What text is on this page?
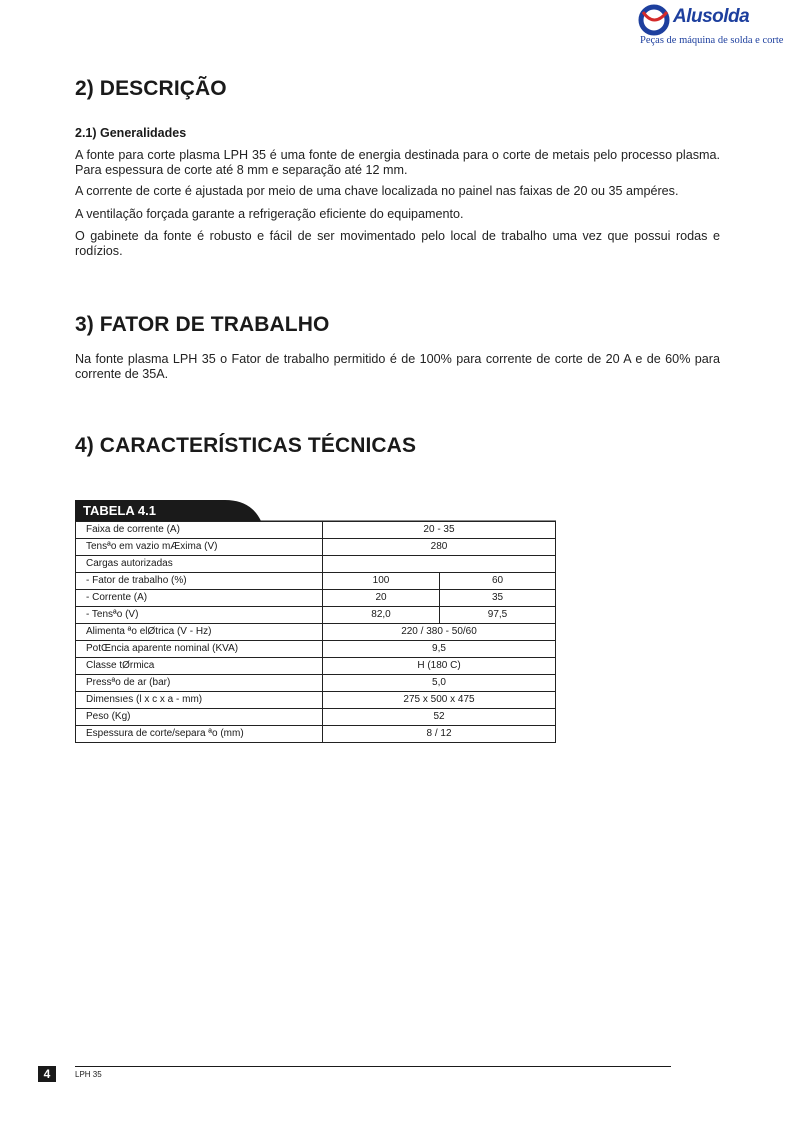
Alusolda
Peças de máquina de solda e corte
2) DESCRIÇÃO

2.1) Generalidades

A fonte para corte plasma LPH 35 é uma fonte de energia destinada para o corte de metais pelo processo plasma. Para espessura de corte até 8 mm e separação até 12 mm.

A corrente de corte é ajustada por meio de uma chave localizada no painel nas faixas de 20 ou 35 ampéres.

A ventilação forçada garante a refrigeração eficiente do equipamento.

O gabinete da fonte é robusto e fácil de ser movimentado pelo local de trabalho uma vez que possui rodas e rodízios.

3) FATOR DE TRABALHO

Na fonte plasma LPH 35 o Fator de trabalho permitido é de 100% para corrente de corte de 20 A e de 60% para corrente de 35A.

4) CARACTERÍSTICAS TÉCNICAS
TABELA 4.1
Faixa de corrente (A)	20 - 35	
Tensªo em vazio mÆxima (V)	280	
Cargas autorizadas		
- Fator de trabalho (%)	100	60
- Corrente (A)	20	35
- Tensªo (V)	82,0	97,5
Alimenta ªo elØtrica (V - Hz)	220 / 380 - 50/60	
PotŒncia aparente nominal (KVA)	9,5	
Classe tØrmica	H (180 C)	
Pressªo de ar (bar)	5,0	
Dimensıes (l x c x a - mm)	275 x 500 x 475	
Peso (Kg)	52	
Espessura de corte/separa ªo (mm)	8 / 12	
4	LPH 35
